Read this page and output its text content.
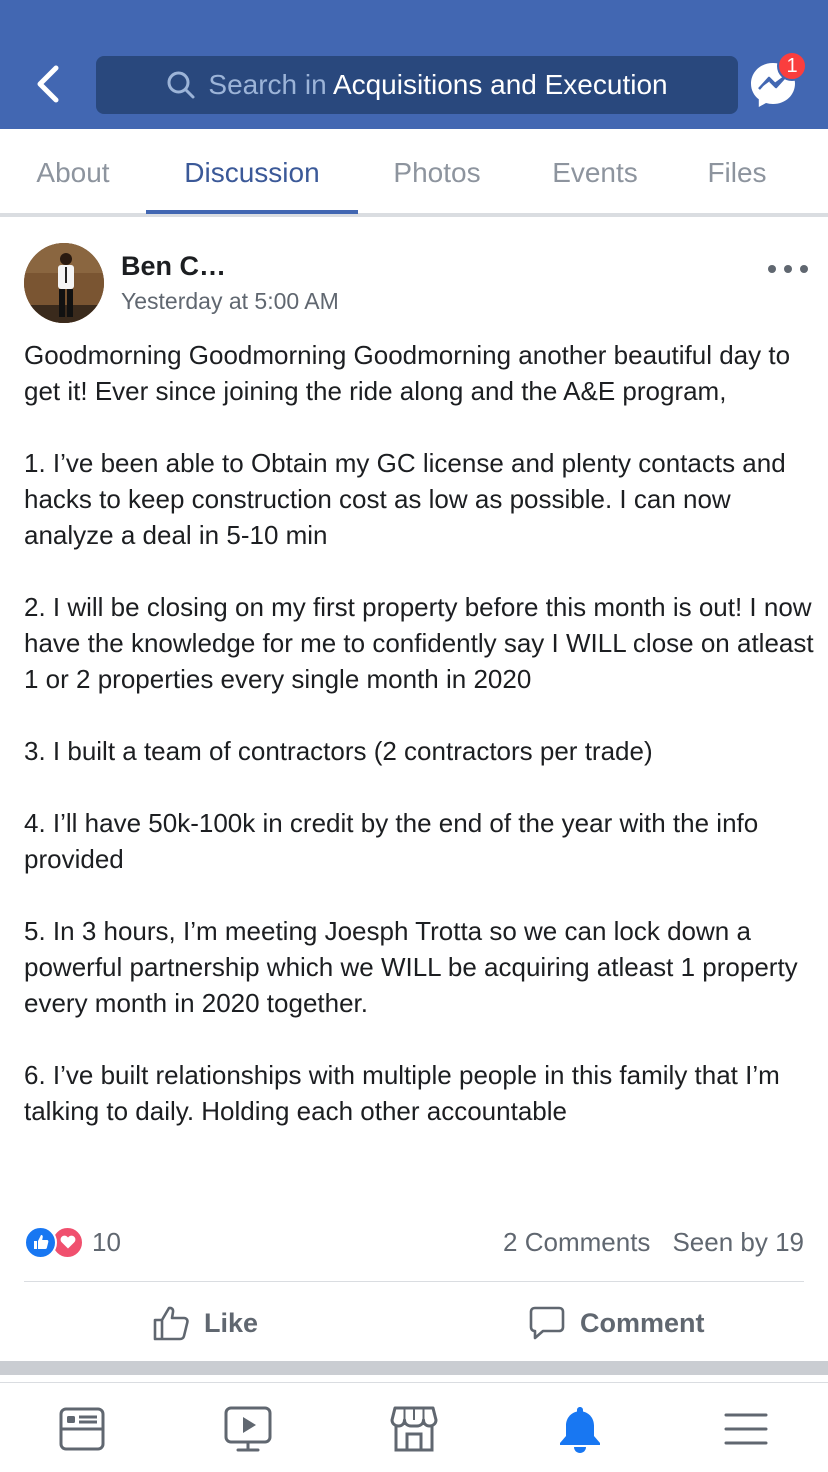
Search in Acquisitions and Execution
1
About	Discussion	Photos	Events	Files
Ben C…
Yesterday at 5:00 AM

Goodmorning Goodmorning Goodmorning another beautiful day to get it! Ever since joining the ride along and the A&E program,

1. I’ve been able to Obtain my GC license and plenty contacts and hacks to keep construction cost as low as possible. I can now analyze a deal in 5-10 min

2. I will be closing on my first property before this month is out! I now have the knowledge for me to confidently say I WILL close on atleast 1 or 2 properties every single month in 2020

3. I built a team of contractors (2 contractors per trade)

4. I’ll have 50k-100k in credit by the end of the year with the info provided

5. In 3 hours, I’m meeting Joesph Trotta so we can lock down a powerful partnership which we WILL be acquiring atleast 1 property every month in 2020 together.

6. I’ve built relationships with multiple people in this family that I’m talking to daily. Holding each other accountable

10	2 Comments Seen by 19
Like	Comment
